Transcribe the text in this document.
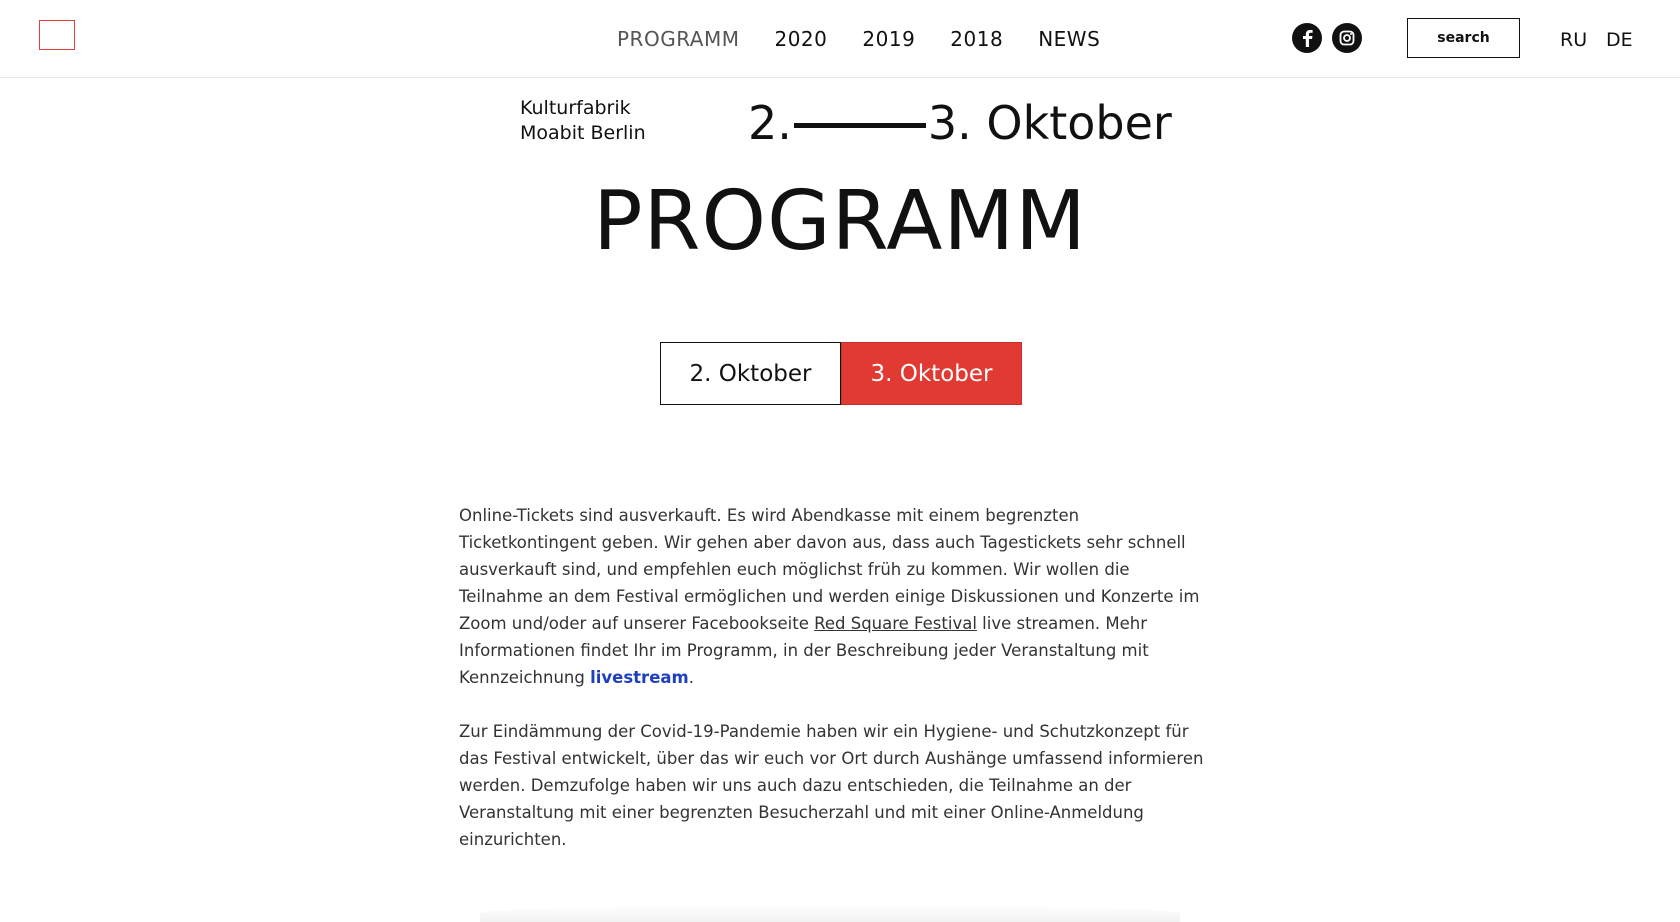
PROGRAMM 2020 2019 2018 NEWS	search	RU DE
Kulturfabrik
Moabit Berlin 2.	3. Oktober
PROGRAMM
2. Oktober	3. Oktober

Online-Tickets sind ausverkauft. Es wird Abendkasse mit einem begrenzten Ticketkontingent geben. Wir gehen aber davon aus, dass auch Tagestickets sehr schnell ausverkauft sind, und empfehlen euch möglichst früh zu kommen. Wir wollen die Teilnahme an dem Festival ermöglichen und werden einige Diskussionen und Konzerte im Zoom und/oder auf unserer Facebookseite Red Square Festival live streamen. Mehr Informationen findet Ihr im Programm, in der Beschreibung jeder Veranstaltung mit Kennzeichnung livestream.

Zur Eindämmung der Covid-19-Pandemie haben wir ein Hygiene- und Schutzkonzept für das Festival entwickelt, über das wir euch vor Ort durch Aushänge umfassend informieren werden. Demzufolge haben wir uns auch dazu entschieden, die Teilnahme an der Veranstaltung mit einer begrenzten Besucherzahl und mit einer Online-Anmeldung einzurichten.
